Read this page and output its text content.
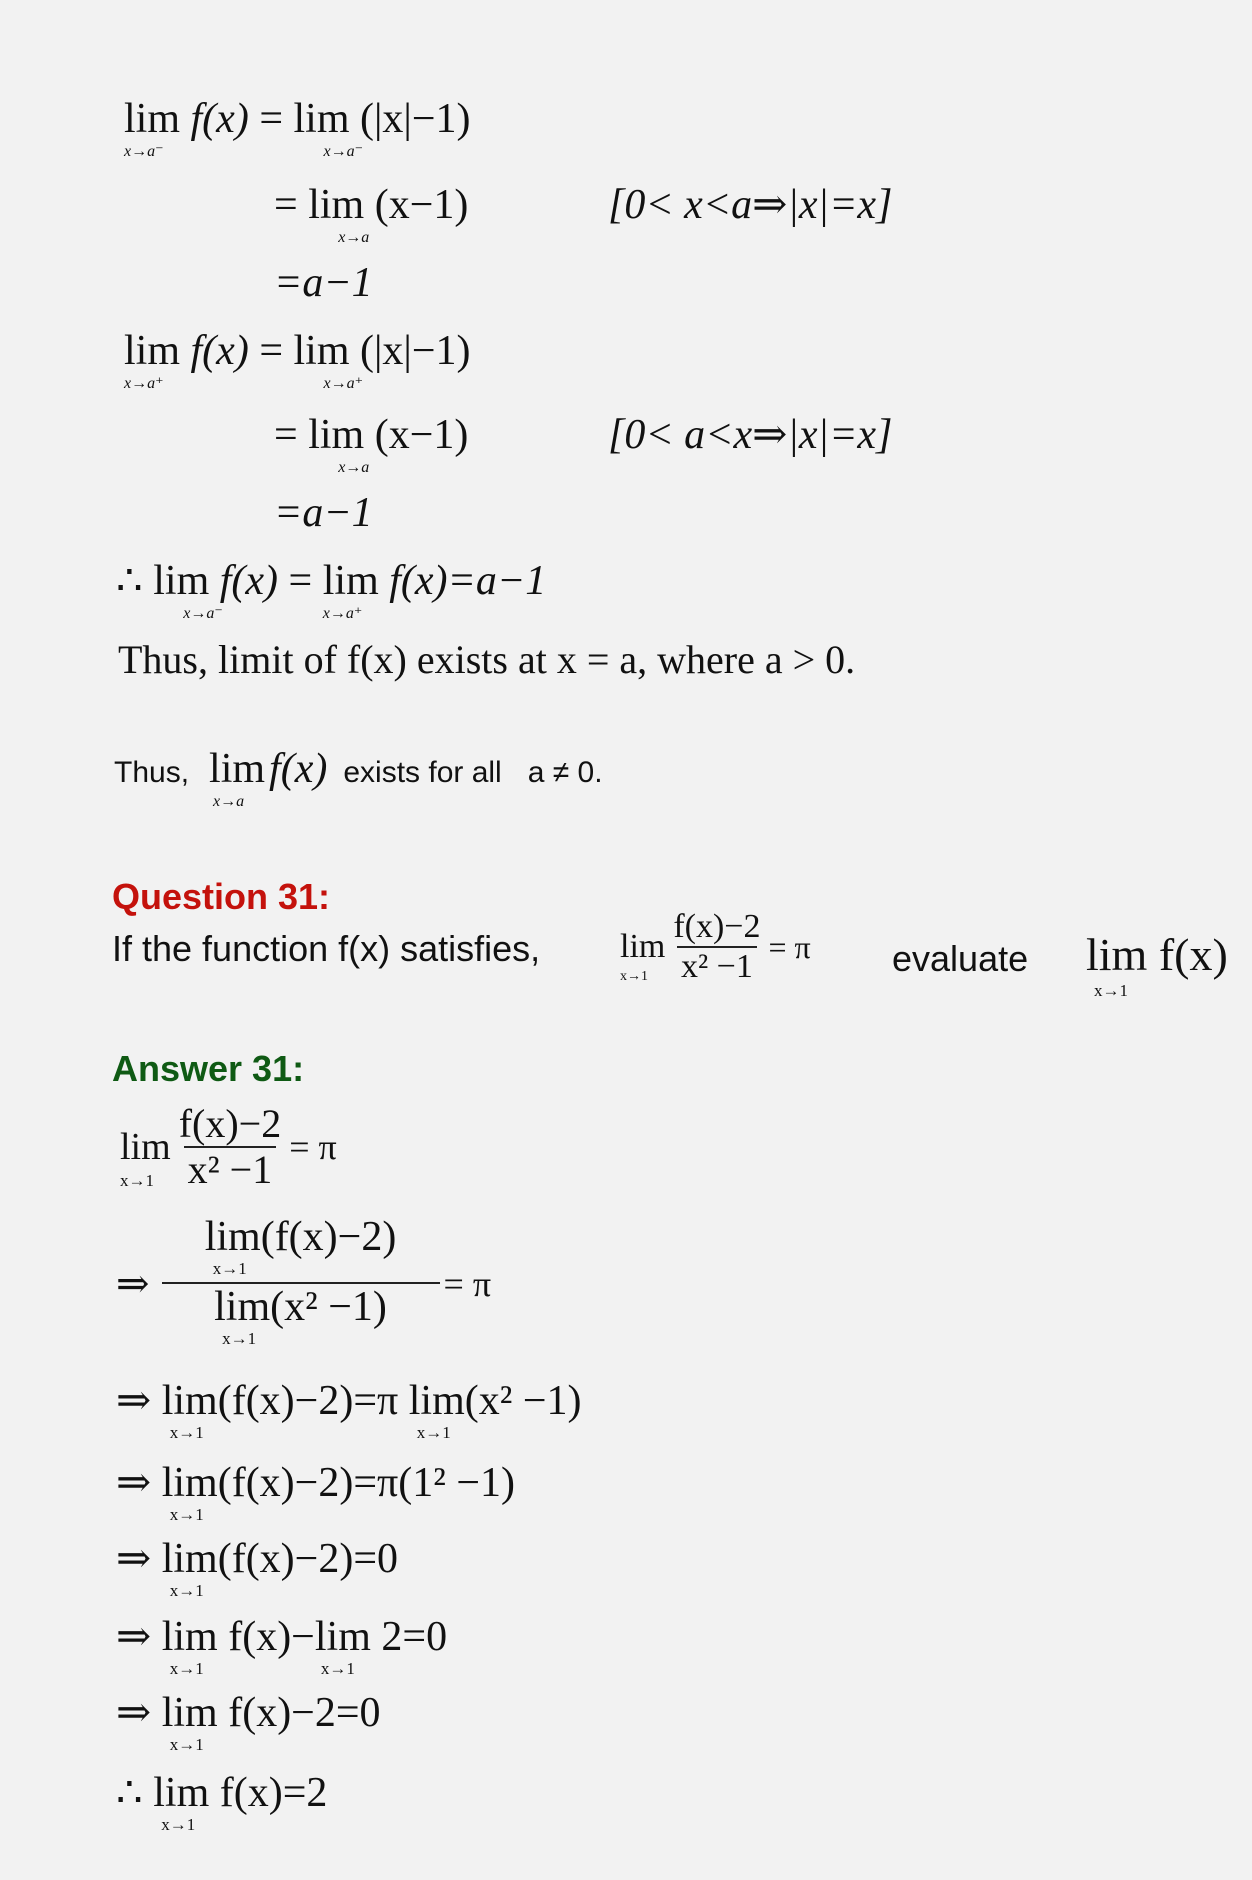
lim
x→a⁻
f(x) = lim
x→a⁻
(|x|−1)
= lim
x→a
(x−1)	[0< x<a⇒|x|=x]
=a−1
lim
x→a⁺
f(x) = lim
x→a⁺
(|x|−1)
= lim
x→a
(x−1)	[0< a<x⇒|x|=x]
=a−1
∴ lim
x→a⁻
f(x) = lim
x→a⁺
f(x)=a−1
Thus, limit of f(x) exists at x = a, where a > 0.
Thus, lim
x→a
f(x) exists for all a ≠ 0.
Question 31:
If the function f(x) satisfies, lim
x→1
$\frac{f(x)-2}{\text{x² −1}} = \pi$ evaluate lim f(x)
x→1
Answer 31:
lim
x→1
$\frac{f(x)-2}{\text{x² −1}} = \pi$
⇒ lim
x→1
(f(x)−2)
lim
x→1
(x² −1) = π
⇒ lim
x→1
(f(x)−2)=π lim
x→1
(x² −1)
⇒ lim
x→1
(f(x)−2)=π(1² −1)
⇒ lim
x→1
(f(x)−2)=0
⇒ lim
x→1
f(x)−lim
x→1
2=0
⇒ lim
x→1
f(x)−2=0
∴ lim
x→1
f(x)=2
